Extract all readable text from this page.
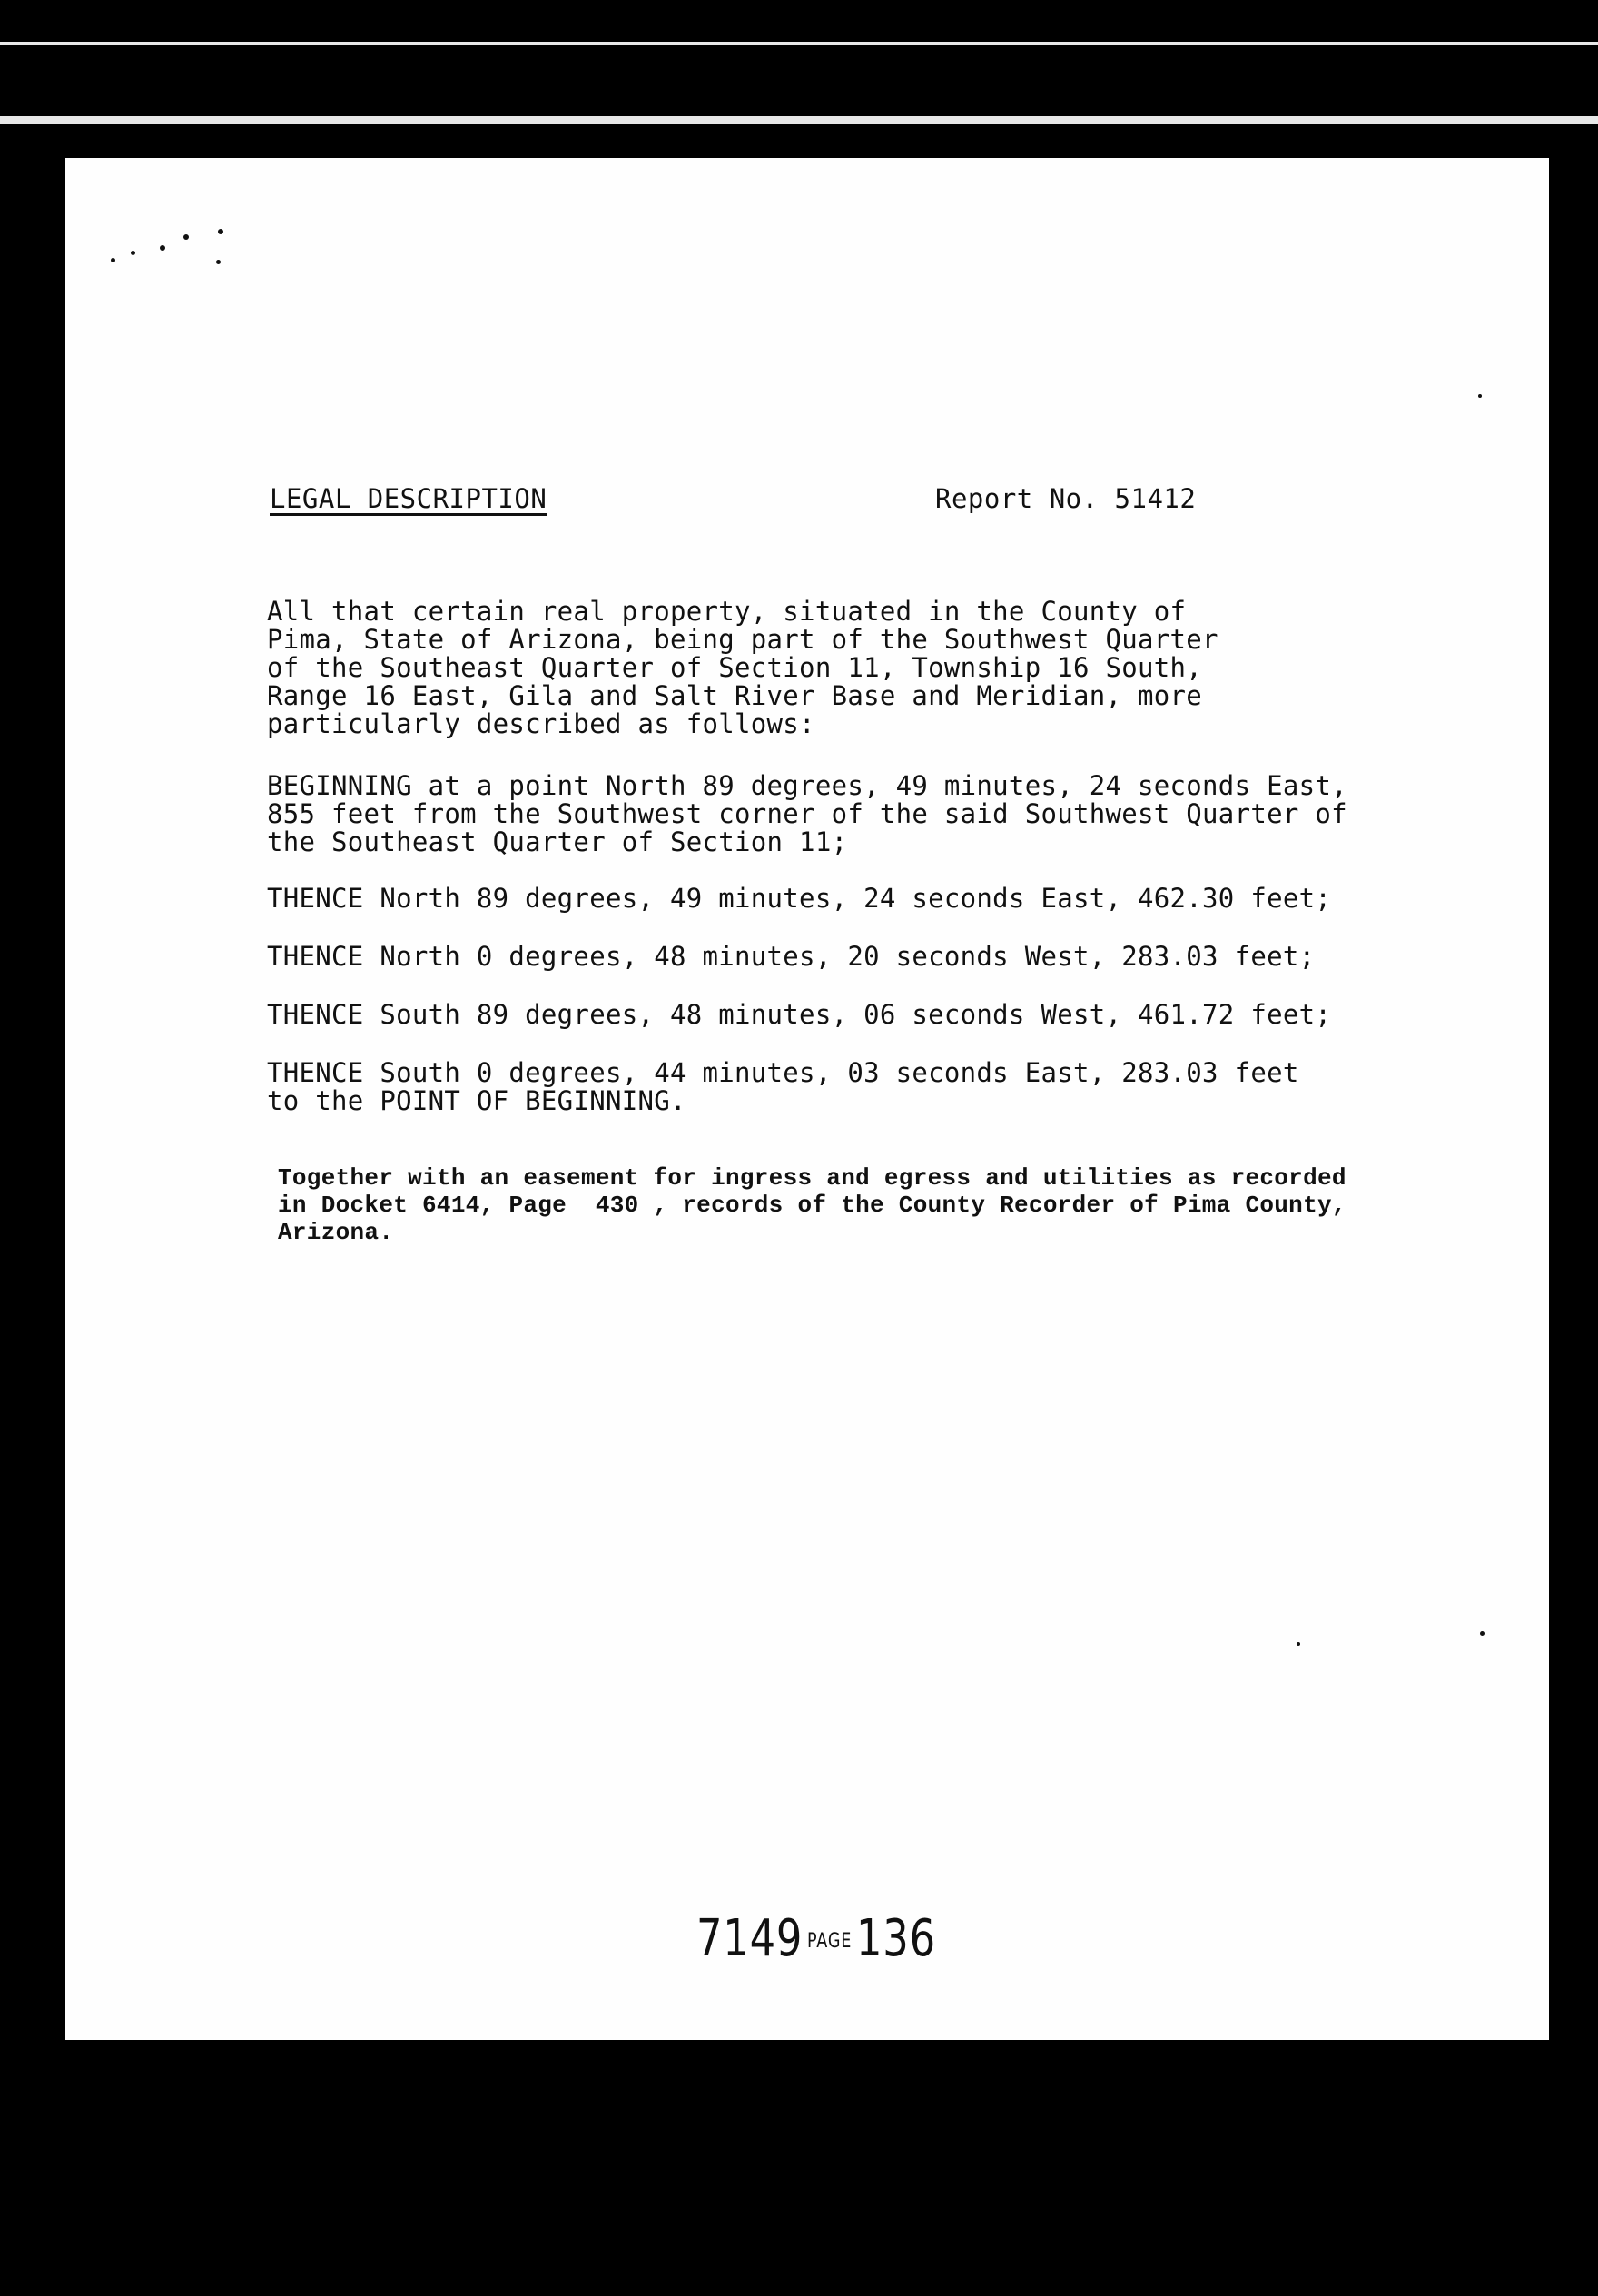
LEGAL DESCRIPTION	Report No. 51412
All that certain real property, situated in the County of
Pima, State of Arizona, being part of the Southwest Quarter
of the Southeast Quarter of Section 11, Township 16 South,
Range 16 East, Gila and Salt River Base and Meridian, more
particularly described as follows:
BEGINNING at a point North 89 degrees, 49 minutes, 24 seconds East,
855 feet from the Southwest corner of the said Southwest Quarter of
the Southeast Quarter of Section 11;
THENCE North 89 degrees, 49 minutes, 24 seconds East, 462.30 feet;
THENCE North 0 degrees, 48 minutes, 20 seconds West, 283.03 feet;
THENCE South 89 degrees, 48 minutes, 06 seconds West, 461.72 feet;
THENCE South 0 degrees, 44 minutes, 03 seconds East, 283.03 feet
to the POINT OF BEGINNING.
Together with an easement for ingress and egress and utilities as recorded
in Docket 6414, Page  430 , records of the County Recorder of Pima County,
Arizona.
7149 PAGE136
